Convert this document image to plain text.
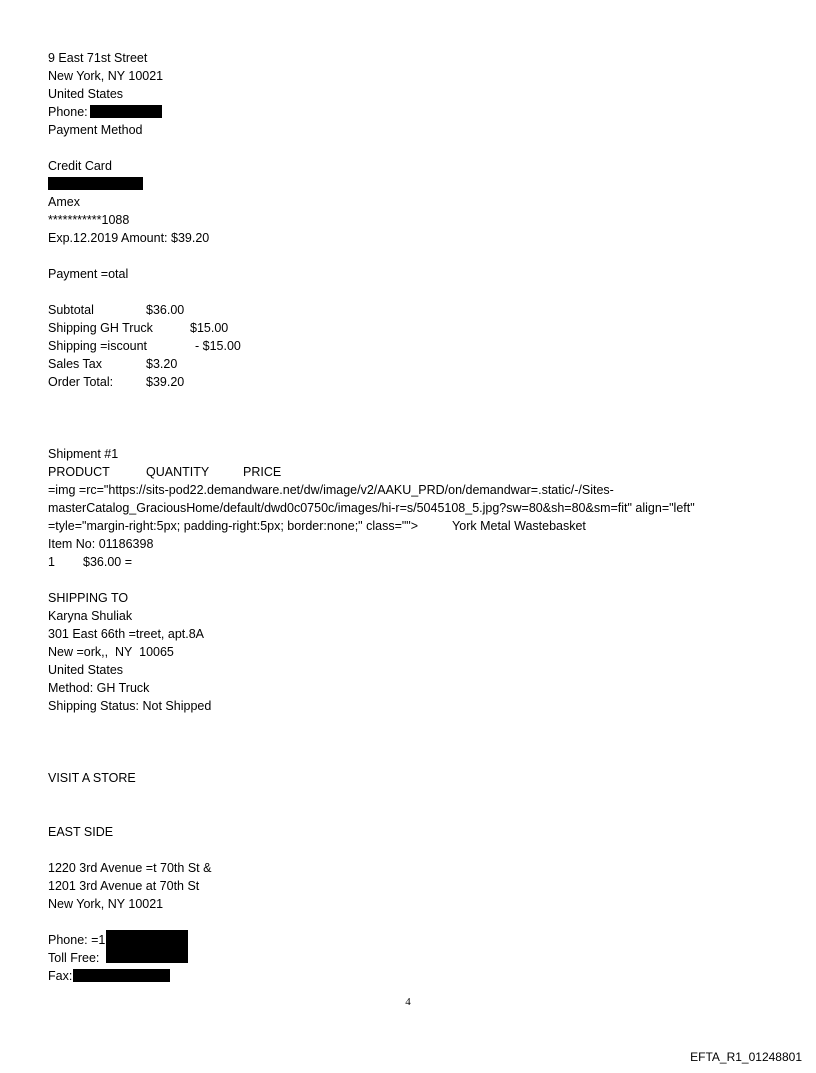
9 East 71st Street
New York, NY 10021
United States
Phone:
Payment Method
Credit Card
Amex
***********1088
Exp.12.2019 Amount: $39.20
Payment =otal
Subtotal	$36.00
Shipping GH Truck	$15.00
Shipping =iscount	- $15.00
Sales Tax	$3.20
Order Total:	$39.20
Shipment #1
PRODUCT	QUANTITY	PRICE
=img =rc="https://sits-pod22.demandware.net/dw/image/v2/AAKU_PRD/on/demandwar=.static/-/Sites-
masterCatalog_GraciousHome/default/dwd0c0750c/images/hi-r=s/5045108_5.jpg?sw=80&sh=80&sm=fit" align="left"
=tyle="margin-right:5px; padding-right:5px; border:none;" class="">	York Metal Wastebasket
Item No: 01186398
1 $36.00 =
SHIPPING TO
Karyna Shuliak
301 East 66th =treet, apt.8A
New =ork,,  NY  10065
United States
Method: GH Truck
Shipping Status: Not Shipped
VISIT A STORE
EAST SIDE
1220 3rd Avenue =t 70th St &
1201 3rd Avenue at 70th St
New York, NY 10021
Phone: =1
Toll Free:
Fax:
4
EFTA_R1_01248801
